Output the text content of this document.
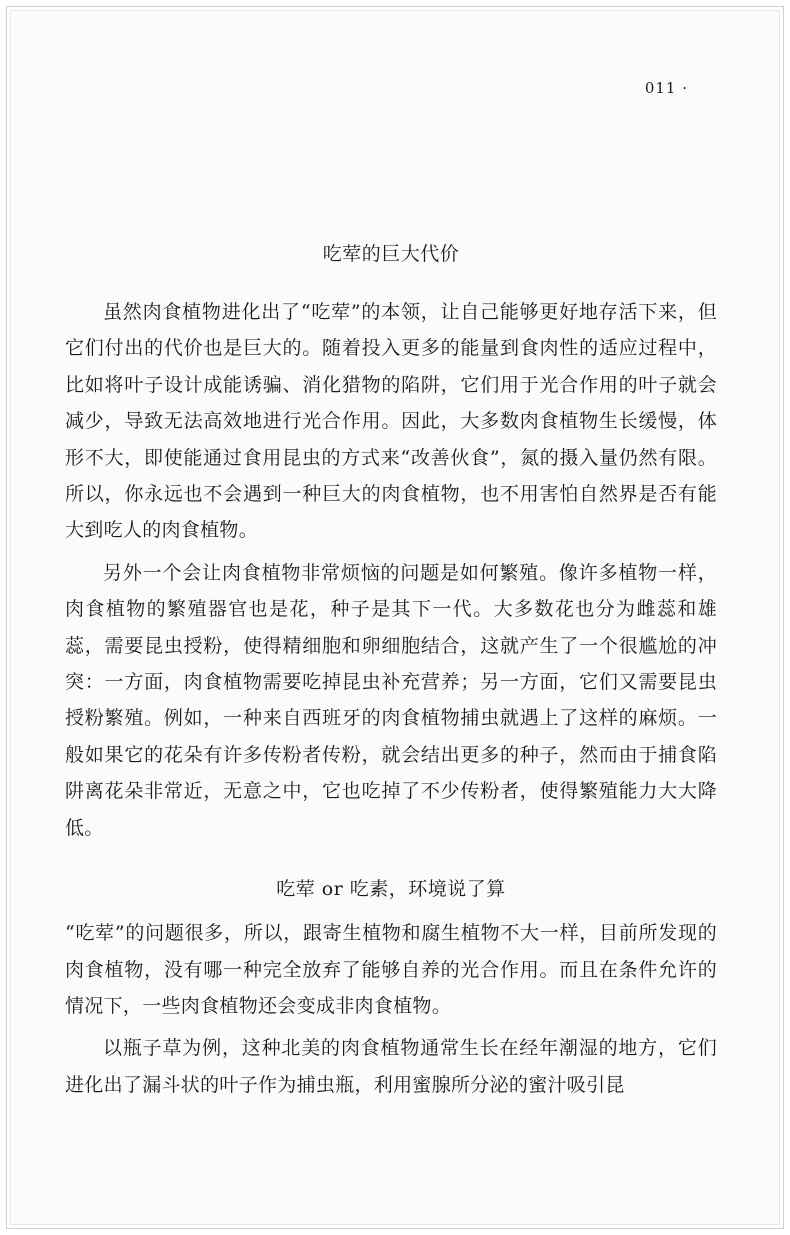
011 ·
吃荤的巨大代价

虽然肉食植物进化出了“吃荤”的本领，让自己能够更好地存活下来，但它们付出的代价也是巨大的。随着投入更多的能量到食肉性的适应过程中，比如将叶子设计成能诱骗、消化猎物的陷阱，它们用于光合作用的叶子就会减少，导致无法高效地进行光合作用。因此，大多数肉食植物生长缓慢，体形不大，即使能通过食用昆虫的方式来“改善伙食”，氮的摄入量仍然有限。所以，你永远也不会遇到一种巨大的肉食植物，也不用害怕自然界是否有能大到吃人的肉食植物。

另外一个会让肉食植物非常烦恼的问题是如何繁殖。像许多植物一样，肉食植物的繁殖器官也是花，种子是其下一代。大多数花也分为雌蕊和雄蕊，需要昆虫授粉，使得精细胞和卵细胞结合，这就产生了一个很尴尬的冲突：一方面，肉食植物需要吃掉昆虫补充营养；另一方面，它们又需要昆虫授粉繁殖。例如，一种来自西班牙的肉食植物捕虫就遇上了这样的麻烦。一般如果它的花朵有许多传粉者传粉，就会结出更多的种子，然而由于捕食陷阱离花朵非常近，无意之中，它也吃掉了不少传粉者，使得繁殖能力大大降低。

吃荤 or 吃素，环境说了算

“吃荤”的问题很多，所以，跟寄生植物和腐生植物不大一样，目前所发现的肉食植物，没有哪一种完全放弃了能够自养的光合作用。而且在条件允许的情况下，一些肉食植物还会变成非肉食植物。

以瓶子草为例，这种北美的肉食植物通常生长在经年潮湿的地方，它们进化出了漏斗状的叶子作为捕虫瓶，利用蜜腺所分泌的蜜汁吸引昆
